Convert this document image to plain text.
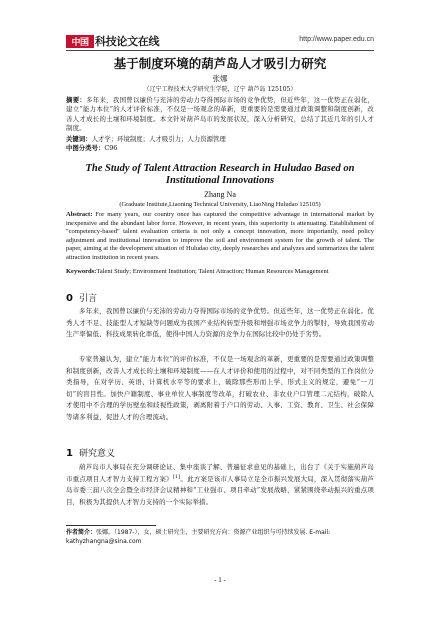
中国 科技论文在线	http://www.paper.edu.cn
基于制度环境的葫芦岛人才吸引力研究
张娜
（辽宁工程技术大学研究生学院，辽宁 葫芦岛 125105）
摘要：多年来，我国曾以廉价与充沛的劳动力夺得国际市场的竞争优势，但近些年，这一优势正在弱化，建立“能力本位”的人才评价标准，不仅是一场观念的革新，更重要的是需要通过政策调整和制度创新，改善人才成长的土壤和环境制度。本文针对葫芦岛市的发展状况，深入分析研究，总结了其近几年的引人才制度。
关键词：人才学；环境制度；人才吸引力；人力资源管理
中图分类号：C96
The Study of Talent Attraction Research in Huludao Based on Institutional Innovations
Zhang Na
(Graduate Institute,Liaoning Technical University, LiaoNing Huludao 125105)
Abstract: For many years, our country once has captured the competitive advantage in international market by inexpensive and the abundant labor force. However, in recent years, this superiority is attenuating. Establishment of "competency-based" talent evaluation criteria is not only a concept innovation, more importantly, need policy adjustment and institutional innovation to improve the soil and environment system for the growth of talent. The paper, aiming at the development situation of Huludao city, deeply researches and analyzes and summarizes the talent attraction institution in recent years.
Keywords:Talent Study; Environment Institution; Talent Attraction; Human Resources Management
0 引言
多年来，我国曾以廉价与充沛的劳动力夺得国际市场的竞争优势。但近些年，这一优势正在弱化。优秀人才不足、技能型人才短缺等问题成为我国产业结构转型升级和增强市场竞争力的掣肘，导致我国劳动生产率偏低、科技成果转化率低，使得中国人力资源的竞争力在国际比较中仍处于劣势。
专家普遍认为，建立“能力本位”的评价标准，不仅是一场观念的革新，更重要的是需要通过政策调整和制度创新，改善人才成长的土壤和环境制度——在人才评价和使用的过程中，对不同类型的工作岗位分类指导，在对学历、英语、计算机水平等的要求上，破除那些形而上学、形式主义的规定，避免“一刀切”的盲目性。加快户籍制度、事业单位人事制度等改革，打破农业、非农业户口管理二元结构，破除人才使用中不合理的学历壁垒和歧视性政策，剥离附着于户口的劳动、人事、工资、教育、卫生、社会保障等诸多利益，促进人才的合理流动。
1 研究意义
葫芦岛市人事局在充分调研论证、集中座谈了解、普遍征求意见的基础上，出台了《关于实施葫芦岛市重点项目人才智力支持工程方案》[1]。此方案是该市人事局立足全市振兴发展大局，深入贯彻落实葫芦岛市委三届八次全会暨全市经济会议精神和“工业强市、项目牵动”发展战略，紧紧围绕牵动振兴的重点项目，积极为其提供人才智力支持的一个实际举措。
作者简介：张娜，（1987-），女，硕士研究生，主要研究方向：资源产业组织与可持续发展. E-mail: kathyzhangna@sina.com
- 1 -
